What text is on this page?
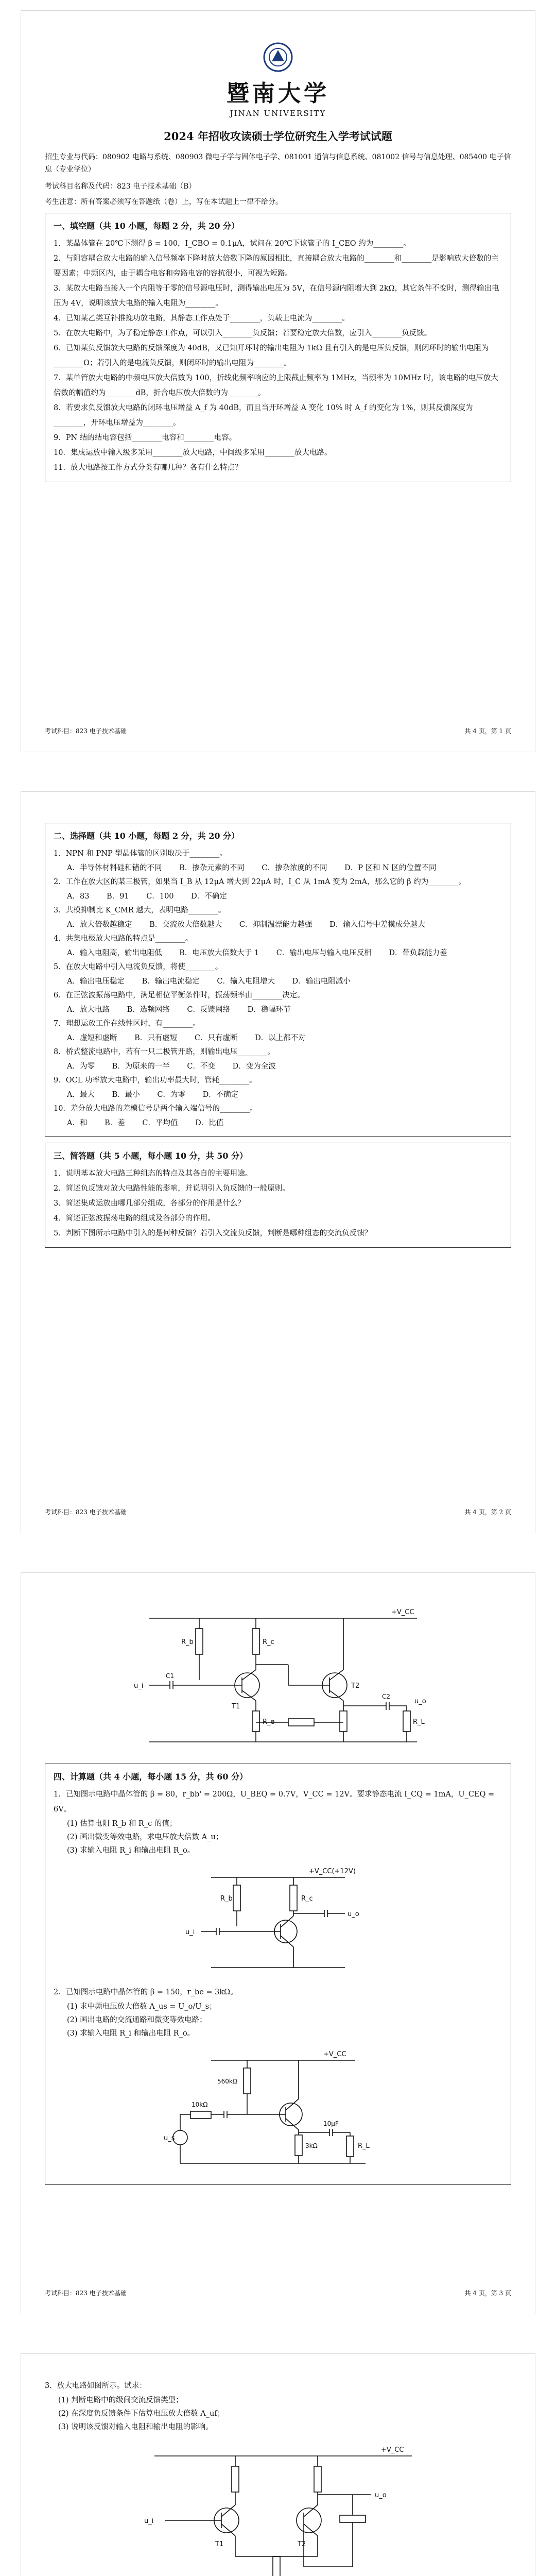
暨南大学
JINAN UNIVERSITY
2024 年招收攻读硕士学位研究生入学考试试题
招生专业与代码：080902 电路与系统、080903 微电子学与固体电子学、081001 通信与信息系统、081002 信号与信息处理、085400 电子信息（专业学位）
考试科目名称及代码：823 电子技术基础（B）
考生注意：所有答案必须写在答题纸（卷）上，写在本试题上一律不给分。
一、填空题（共 10 小题，每题 2 分，共 20 分）
1．某晶体管在 20℃下测得 β = 100，I_CBO = 0.1μA，试问在 20℃下该管子的 I_CEO 约为________。
2．与阻容耦合放大电路的输入信号频率下降时放大倍数下降的原因相比，直接耦合放大电路的________和________是影响放大倍数的主要因素；中频区内，由于耦合电容和旁路电容的容抗很小，可视为短路。
3．某放大电路当接入一个内阻等于零的信号源电压时，测得输出电压为 5V，在信号源内阻增大到 2kΩ，其它条件不变时，测得输出电压为 4V，说明该放大电路的输入电阻为________。
4．已知某乙类互补推挽功放电路，其静态工作点处于________，负载上电流为________。
5．在放大电路中，为了稳定静态工作点，可以引入________负反馈；若要稳定放大倍数，应引入________负反馈。
6．已知某负反馈放大电路的反馈深度为 40dB，又已知开环时的输出电阻为 1kΩ 且有引入的是电压负反馈，则闭环时的输出电阻为________Ω；若引入的是电流负反馈，则闭环时的输出电阻为________。
7．某单管放大电路的中频电压放大倍数为 100，折线化频率响应的上限截止频率为 1MHz，当频率为 10MHz 时，该电路的电压放大倍数的幅值约为________dB，折合电压放大倍数的为________。
8．若要求负反馈放大电路的闭环电压增益 A_f 为 40dB，而且当开环增益 A 变化 10% 时 A_f 的变化为 1%，则其反馈深度为________，开环电压增益为________。
9．PN 结的结电容包括________电容和________电容。
10．集成运放中输入级多采用________放大电路，中间级多采用________放大电路。
11．放大电路按工作方式分类有哪几种？各有什么特点？
考试科目：823 电子技术基础	共 4 页，第 1 页
二、选择题（共 10 小题，每题 2 分，共 20 分）
1．NPN 和 PNP 型晶体管的区别取决于________。
A．半导体材料硅和锗的不同　　 B．掺杂元素的不同　　 C．掺杂浓度的不同　　 D．P 区和 N 区的位置不同
2．工作在放大区的某三极管，如果当 I_B 从 12μA 增大到 22μA 时，I_C 从 1mA 变为 2mA，那么它的 β 约为________。
A．83　　 B．91　　 C．100　　 D．不确定
3．共模抑制比 K_CMR 越大，表明电路________。
A．放大倍数越稳定　　 B．交流放大倍数越大　　 C．抑制温漂能力越强　　 D．输入信号中差模成分越大
4．共集电极放大电路的特点是________。
A．输入电阻高，输出电阻低　　 B．电压放大倍数大于 1　　 C．输出电压与输入电压反相　　 D．带负载能力差
5．在放大电路中引入电流负反馈，将使________。
A．输出电压稳定　　 B．输出电流稳定　　 C．输入电阻增大　　 D．输出电阻减小
6．在正弦波振荡电路中，满足相位平衡条件时，振荡频率由________决定。
A．放大电路　　 B．选频网络　　 C．反馈网络　　 D．稳幅环节
7．理想运放工作在线性区时，有________。
A．虚短和虚断　　 B．只有虚短　　 C．只有虚断　　 D．以上都不对
8．桥式整流电路中，若有一只二极管开路，则输出电压________。
A．为零　　 B．为原来的一半　　 C．不变　　 D．变为全波
9．OCL 功率放大电路中，输出功率最大时，管耗________。
A．最大　　 B．最小　　 C．为零　　 D．不确定
10．差分放大电路的差模信号是两个输入端信号的________。
A．和　　 B．差　　 C．平均值　　 D．比值
三、简答题（共 5 小题，每小题 10 分，共 50 分）
1．说明基本放大电路三种组态的特点及其各自的主要用途。
2．简述负反馈对放大电路性能的影响，并说明引入负反馈的一般原则。
3．简述集成运放由哪几部分组成，各部分的作用是什么？
4．简述正弦波振荡电路的组成及各部分的作用。
5．判断下图所示电路中引入的是何种反馈？若引入交流负反馈，判断是哪种组态的交流负反馈？
考试科目：823 电子技术基础	共 4 页，第 2 页
+V_CC
R_b	R_c
T1
R_e
T2
C2
R_L
u_o
C1
u_i
四、计算题（共 4 小题，每小题 15 分，共 60 分）
1．已知图示电路中晶体管的 β = 80，r_bb' = 200Ω，U_BEQ = 0.7V，V_CC = 12V。要求静态电流 I_CQ = 1mA，U_CEQ = 6V。
(1) 估算电阻 R_b 和 R_c 的值；
(2) 画出微变等效电路，求电压放大倍数 A_u；
(3) 求输入电阻 R_i 和输出电阻 R_o。
+V_CC(+12V)
R_b	R_c
u_o
u_i
2．已知图示电路中晶体管的 β = 150，r_be = 3kΩ。
(1) 求中频电压放大倍数 A_us = U_o/U_s；
(2) 画出电路的交流通路和微变等效电路；
(3) 求输入电阻 R_i 和输出电阻 R_o。
+V_CC
560kΩ
3kΩ
10μF
R_L
10kΩ
u_s
考试科目：823 电子技术基础	共 4 页，第 3 页
3．放大电路如图所示。试求：
(1) 判断电路中的级间交流反馈类型；
(2) 在深度负反馈条件下估算电压放大倍数 A_uf；
(3) 说明该反馈对输入电阻和输出电阻的影响。
+V_CC
T1	T2
u_i
u_o
